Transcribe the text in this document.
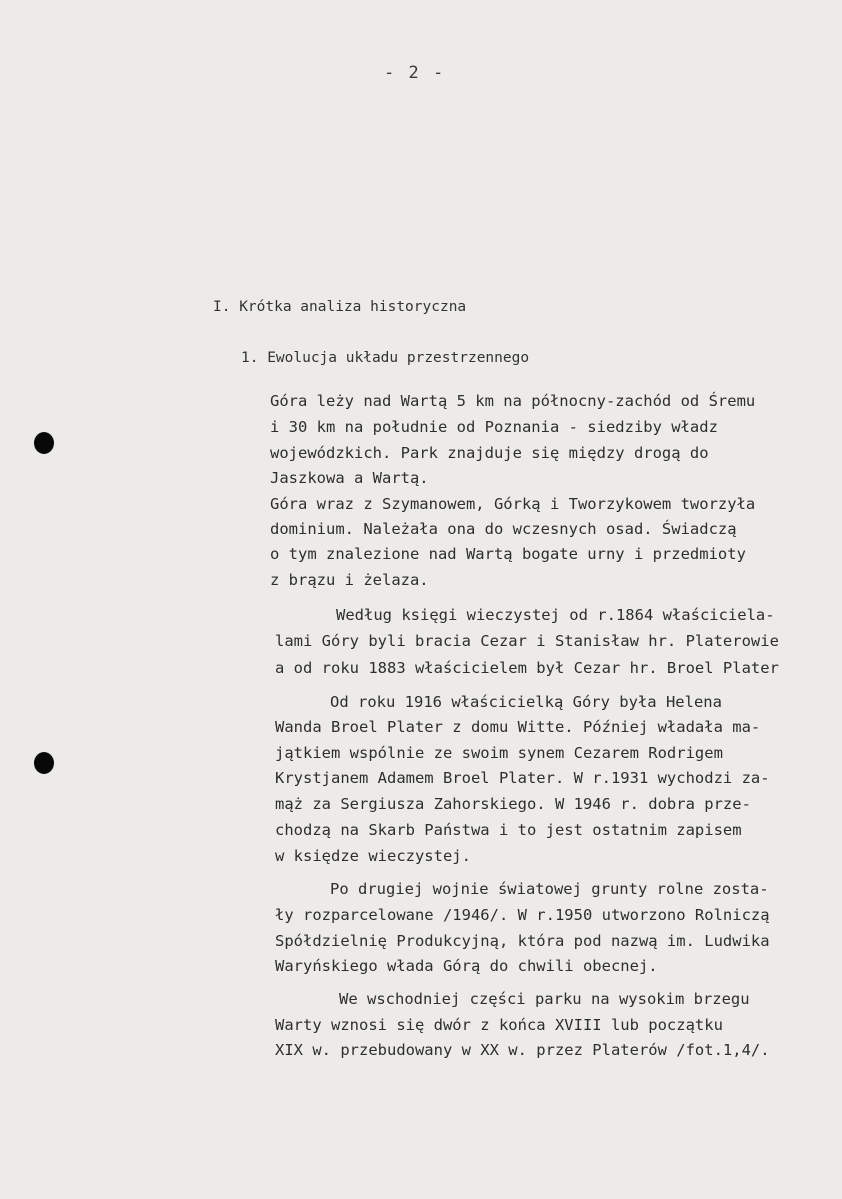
- 2 -
I. Krótka analiza historyczna
1. Ewolucja układu przestrzennego
Góra leży nad Wartą 5 km na północny-zachód od Śremu
i 30 km na południe od Poznania - siedziby władz
wojewódzkich. Park znajduje się między drogą do
Jaszkowa a Wartą.
Góra wraz z Szymanowem, Górką i Tworzykowem tworzyła
dominium. Należała ona do wczesnych osad. Świadczą
o tym znalezione nad Wartą bogate urny i przedmioty
z brązu i żelaza.
Według księgi wieczystej od r.1864 właściciela-
lami Góry byli bracia Cezar i Stanisław hr. Platerowie
a od roku 1883 właścicielem był Cezar hr. Broel Plater
Od roku 1916 właścicielką Góry była Helena
Wanda Broel Plater z domu Witte. Później władała ma-
jątkiem wspólnie ze swoim synem Cezarem Rodrigem
Krystjanem Adamem Broel Plater. W r.1931 wychodzi za-
mąż za Sergiusza Zahorskiego. W 1946 r. dobra prze-
chodzą na Skarb Państwa i to jest ostatnim zapisem
w księdze wieczystej.
Po drugiej wojnie światowej grunty rolne zosta-
ły rozparcelowane /1946/. W r.1950 utworzono Rolniczą
Spółdzielnię Produkcyjną, która pod nazwą im. Ludwika
Waryńskiego włada Górą do chwili obecnej.
We wschodniej części parku na wysokim brzegu
Warty wznosi się dwór z końca XVIII lub początku
XIX w. przebudowany w XX w. przez Platerów /fot.1,4/.
